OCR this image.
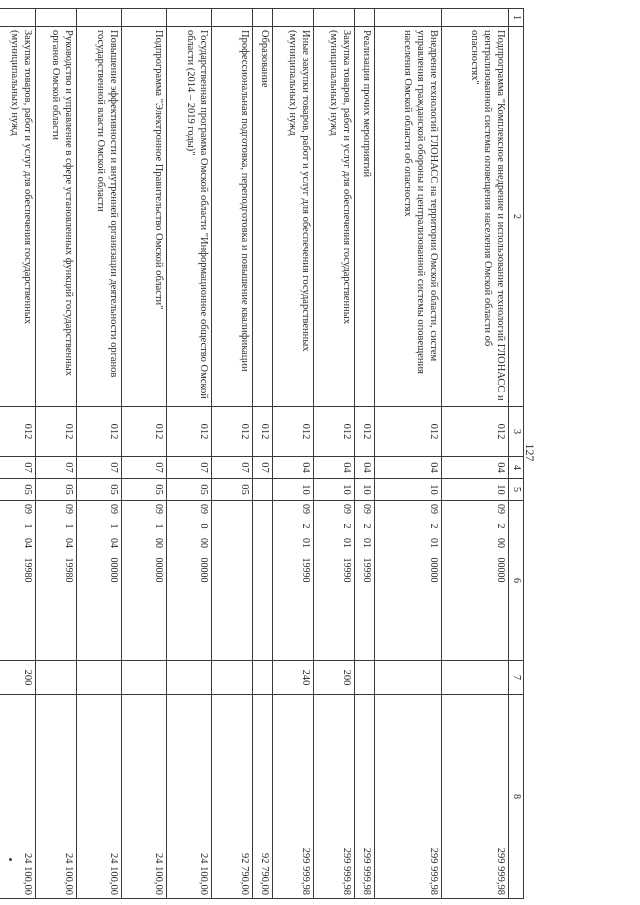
127
1	2	3	4	5	6	7	8
	Подпрограмма "Комплексное внедрение и использование технологий ГЛОНАСС и централизованной системы оповещения населения Омской области об опасностях"	012	04	10	09 2 00 00000		299 999,98
	Внедрение технологий ГЛОНАСС на территории Омской области, систем управления гражданской обороны и централизованной системы оповещения населения Омской области об опасностях	012	04	10	09 2 01 00000		299 999,98
	Реализация прочих мероприятий	012	04	10	09 2 01 19990		299 999,98
	Закупка товаров, работ и услуг для обеспечения государственных (муниципальных) нужд	012	04	10	09 2 01 19990	200	299 999,98
	Иные закупки товаров, работ и услуг для обеспечения государственных (муниципальных) нужд	012	04	10	09 2 01 19990	240	299 999,98
	Образование	012	07				92 790,00
	Профессиональная подготовка, переподготовка и повышение квалификации	012	07	05			92 790,00
	Государственная программа Омской области "Информационное общество Омской области (2014 – 2019 годы)"	012	07	05	09 0 00 00000		24 100,00
	Подпрограмма "Электронное Правительство Омской области"	012	07	05	09 1 00 00000		24 100,00
	Повышение эффективности и внутренней организации деятельности органов государственной власти Омской области	012	07	05	09 1 04 00000		24 100,00
	Руководство и управление в сфере установленных функций государственных органов Омской области	012	07	05	09 1 04 19980		24 100,00
	Закупка товаров, работ и услуг для обеспечения государственных (муниципальных) нужд	012	07	05	09 1 04 19980	200	24 100,00
